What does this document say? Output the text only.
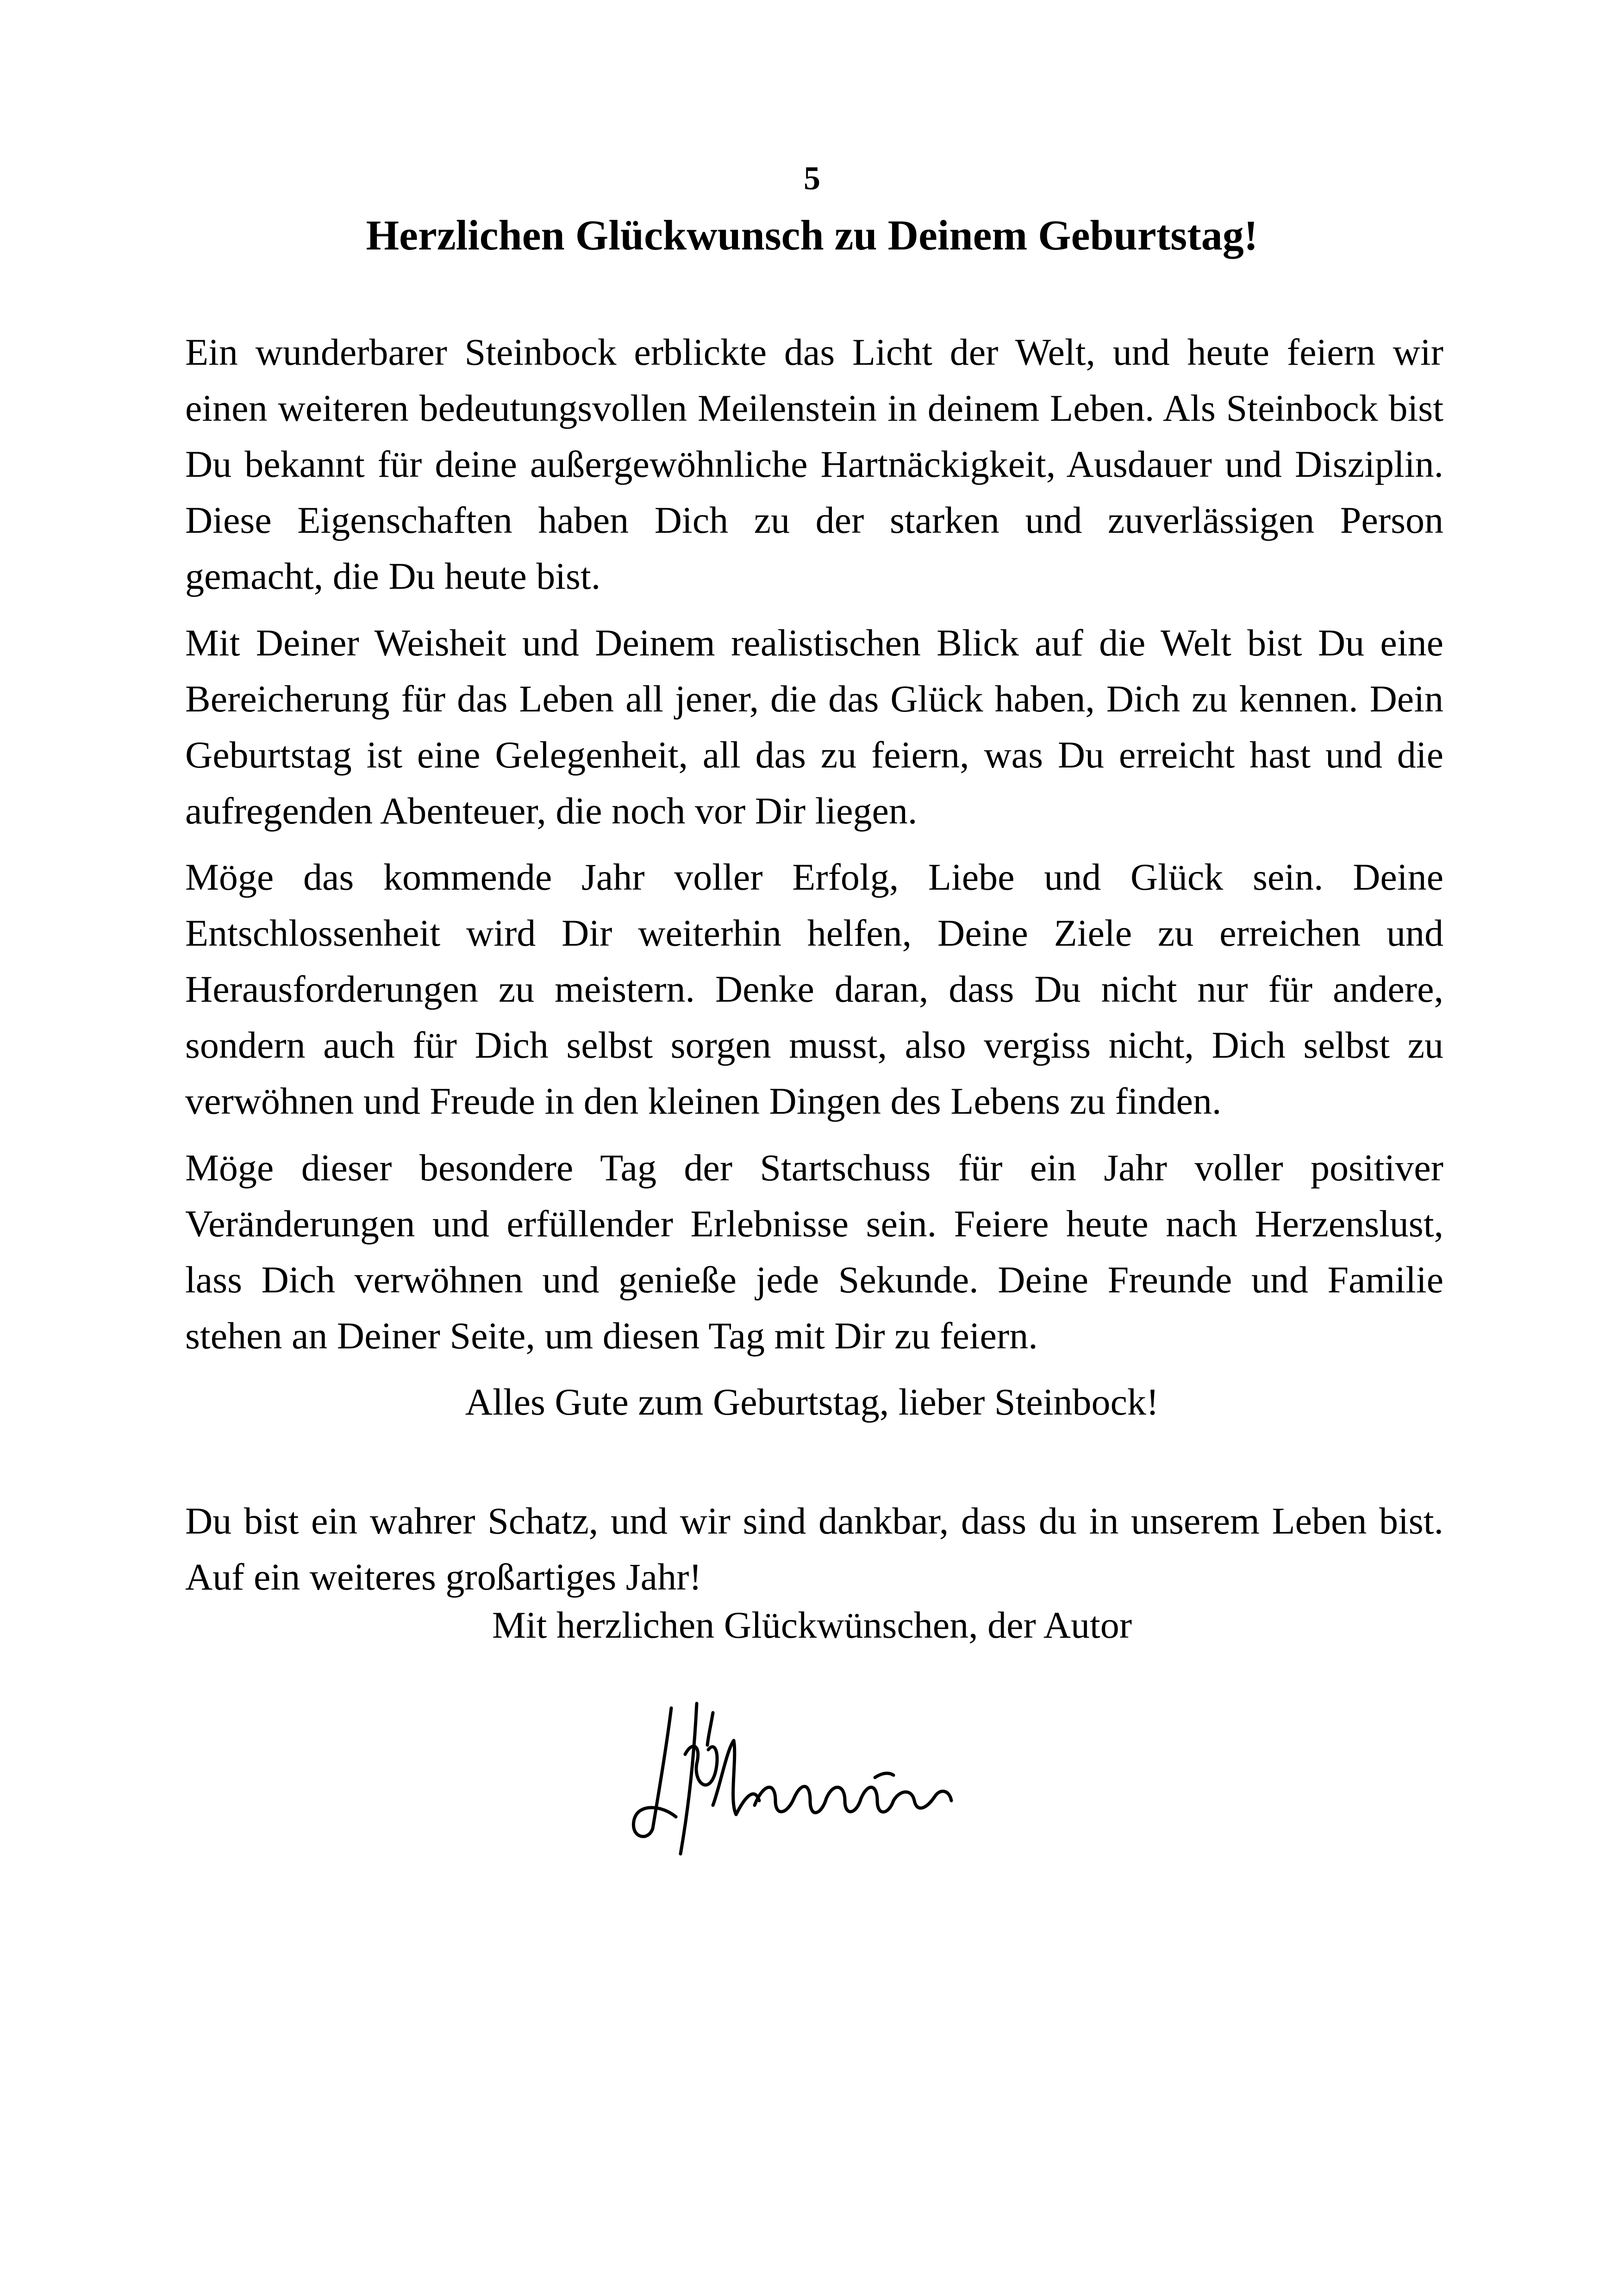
5
Herzlichen Glückwunsch zu Deinem Geburtstag!

Ein wunderbarer Steinbock erblickte das Licht der Welt, und heute feiern wir einen weiteren bedeutungsvollen Meilenstein in deinem Leben. Als Steinbock bist Du bekannt für deine außergewöhnliche Hartnäckigkeit, Ausdauer und Disziplin. Diese Eigenschaften haben Dich zu der starken und zuverlässigen Person gemacht, die Du heute bist.

Mit Deiner Weisheit und Deinem realistischen Blick auf die Welt bist Du eine Bereicherung für das Leben all jener, die das Glück haben, Dich zu kennen. Dein Geburtstag ist eine Gelegenheit, all das zu feiern, was Du erreicht hast und die aufregenden Abenteuer, die noch vor Dir liegen.

Möge das kommende Jahr voller Erfolg, Liebe und Glück sein. Deine Entschlossenheit wird Dir weiterhin helfen, Deine Ziele zu erreichen und Herausforderungen zu meistern. Denke daran, dass Du nicht nur für andere, sondern auch für Dich selbst sorgen musst, also vergiss nicht, Dich selbst zu verwöhnen und Freude in den kleinen Dingen des Lebens zu finden.

Möge dieser besondere Tag der Startschuss für ein Jahr voller positiver Veränderungen und erfüllender Erlebnisse sein. Feiere heute nach Herzenslust, lass Dich verwöhnen und genieße jede Sekunde. Deine Freunde und Familie stehen an Deiner Seite, um diesen Tag mit Dir zu feiern.

Alles Gute zum Geburtstag, lieber Steinbock!

Du bist ein wahrer Schatz, und wir sind dankbar, dass du in unserem Leben bist. Auf ein weiteres großartiges Jahr!

Mit herzlichen Glückwünschen, der Autor
